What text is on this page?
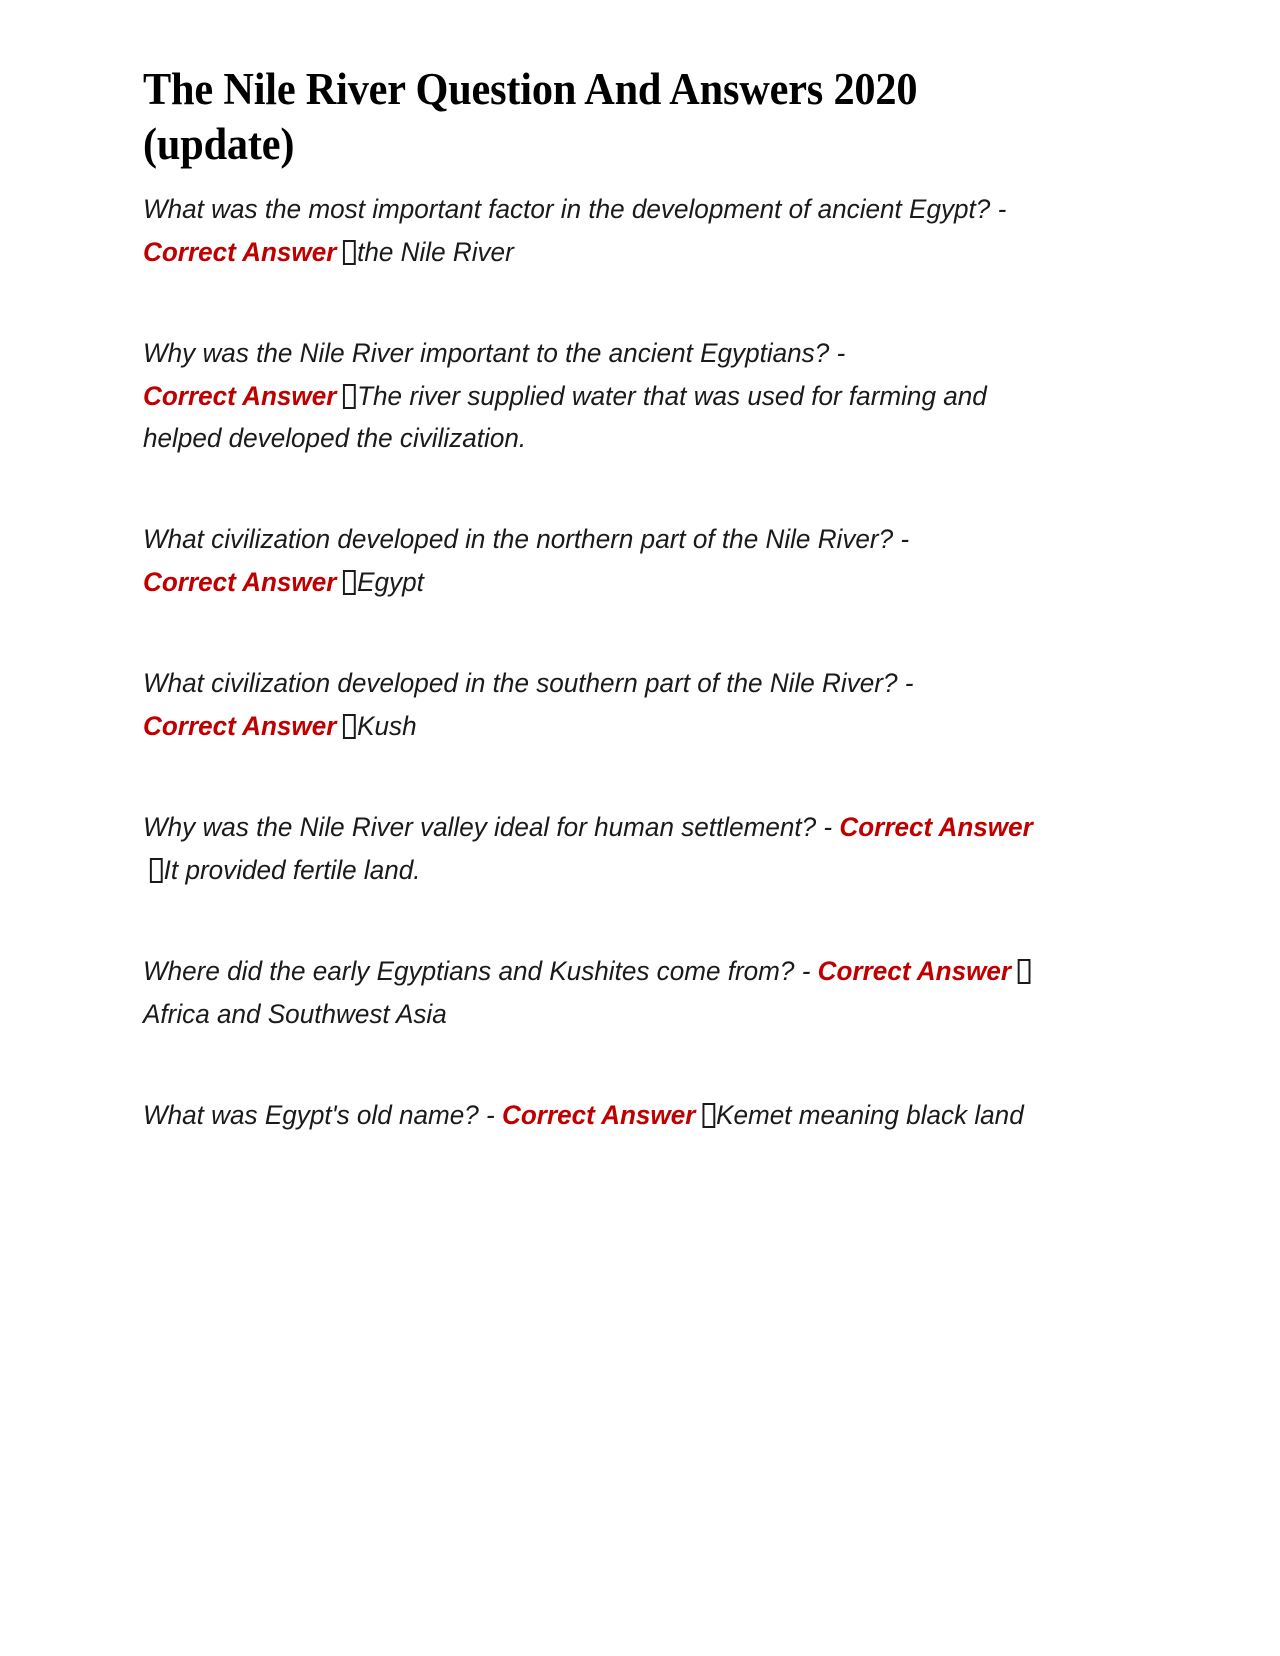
The Nile River Question And Answers 2020 (update)

What was the most important factor in the development of ancient Egypt? - Correct Answer the Nile River

Why was the Nile River important to the ancient Egyptians? - Correct Answer The river supplied water that was used for farming and helped developed the civilization.

What civilization developed in the northern part of the Nile River? - Correct Answer Egypt

What civilization developed in the southern part of the Nile River? - Correct Answer Kush

Why was the Nile River valley ideal for human settlement? - Correct AnswerIt provided fertile land.

Where did the early Egyptians and Kushites come from? - Correct AnswerAfrica and Southwest Asia

What was Egypt's old name? - Correct Answer Kemet meaning black land
